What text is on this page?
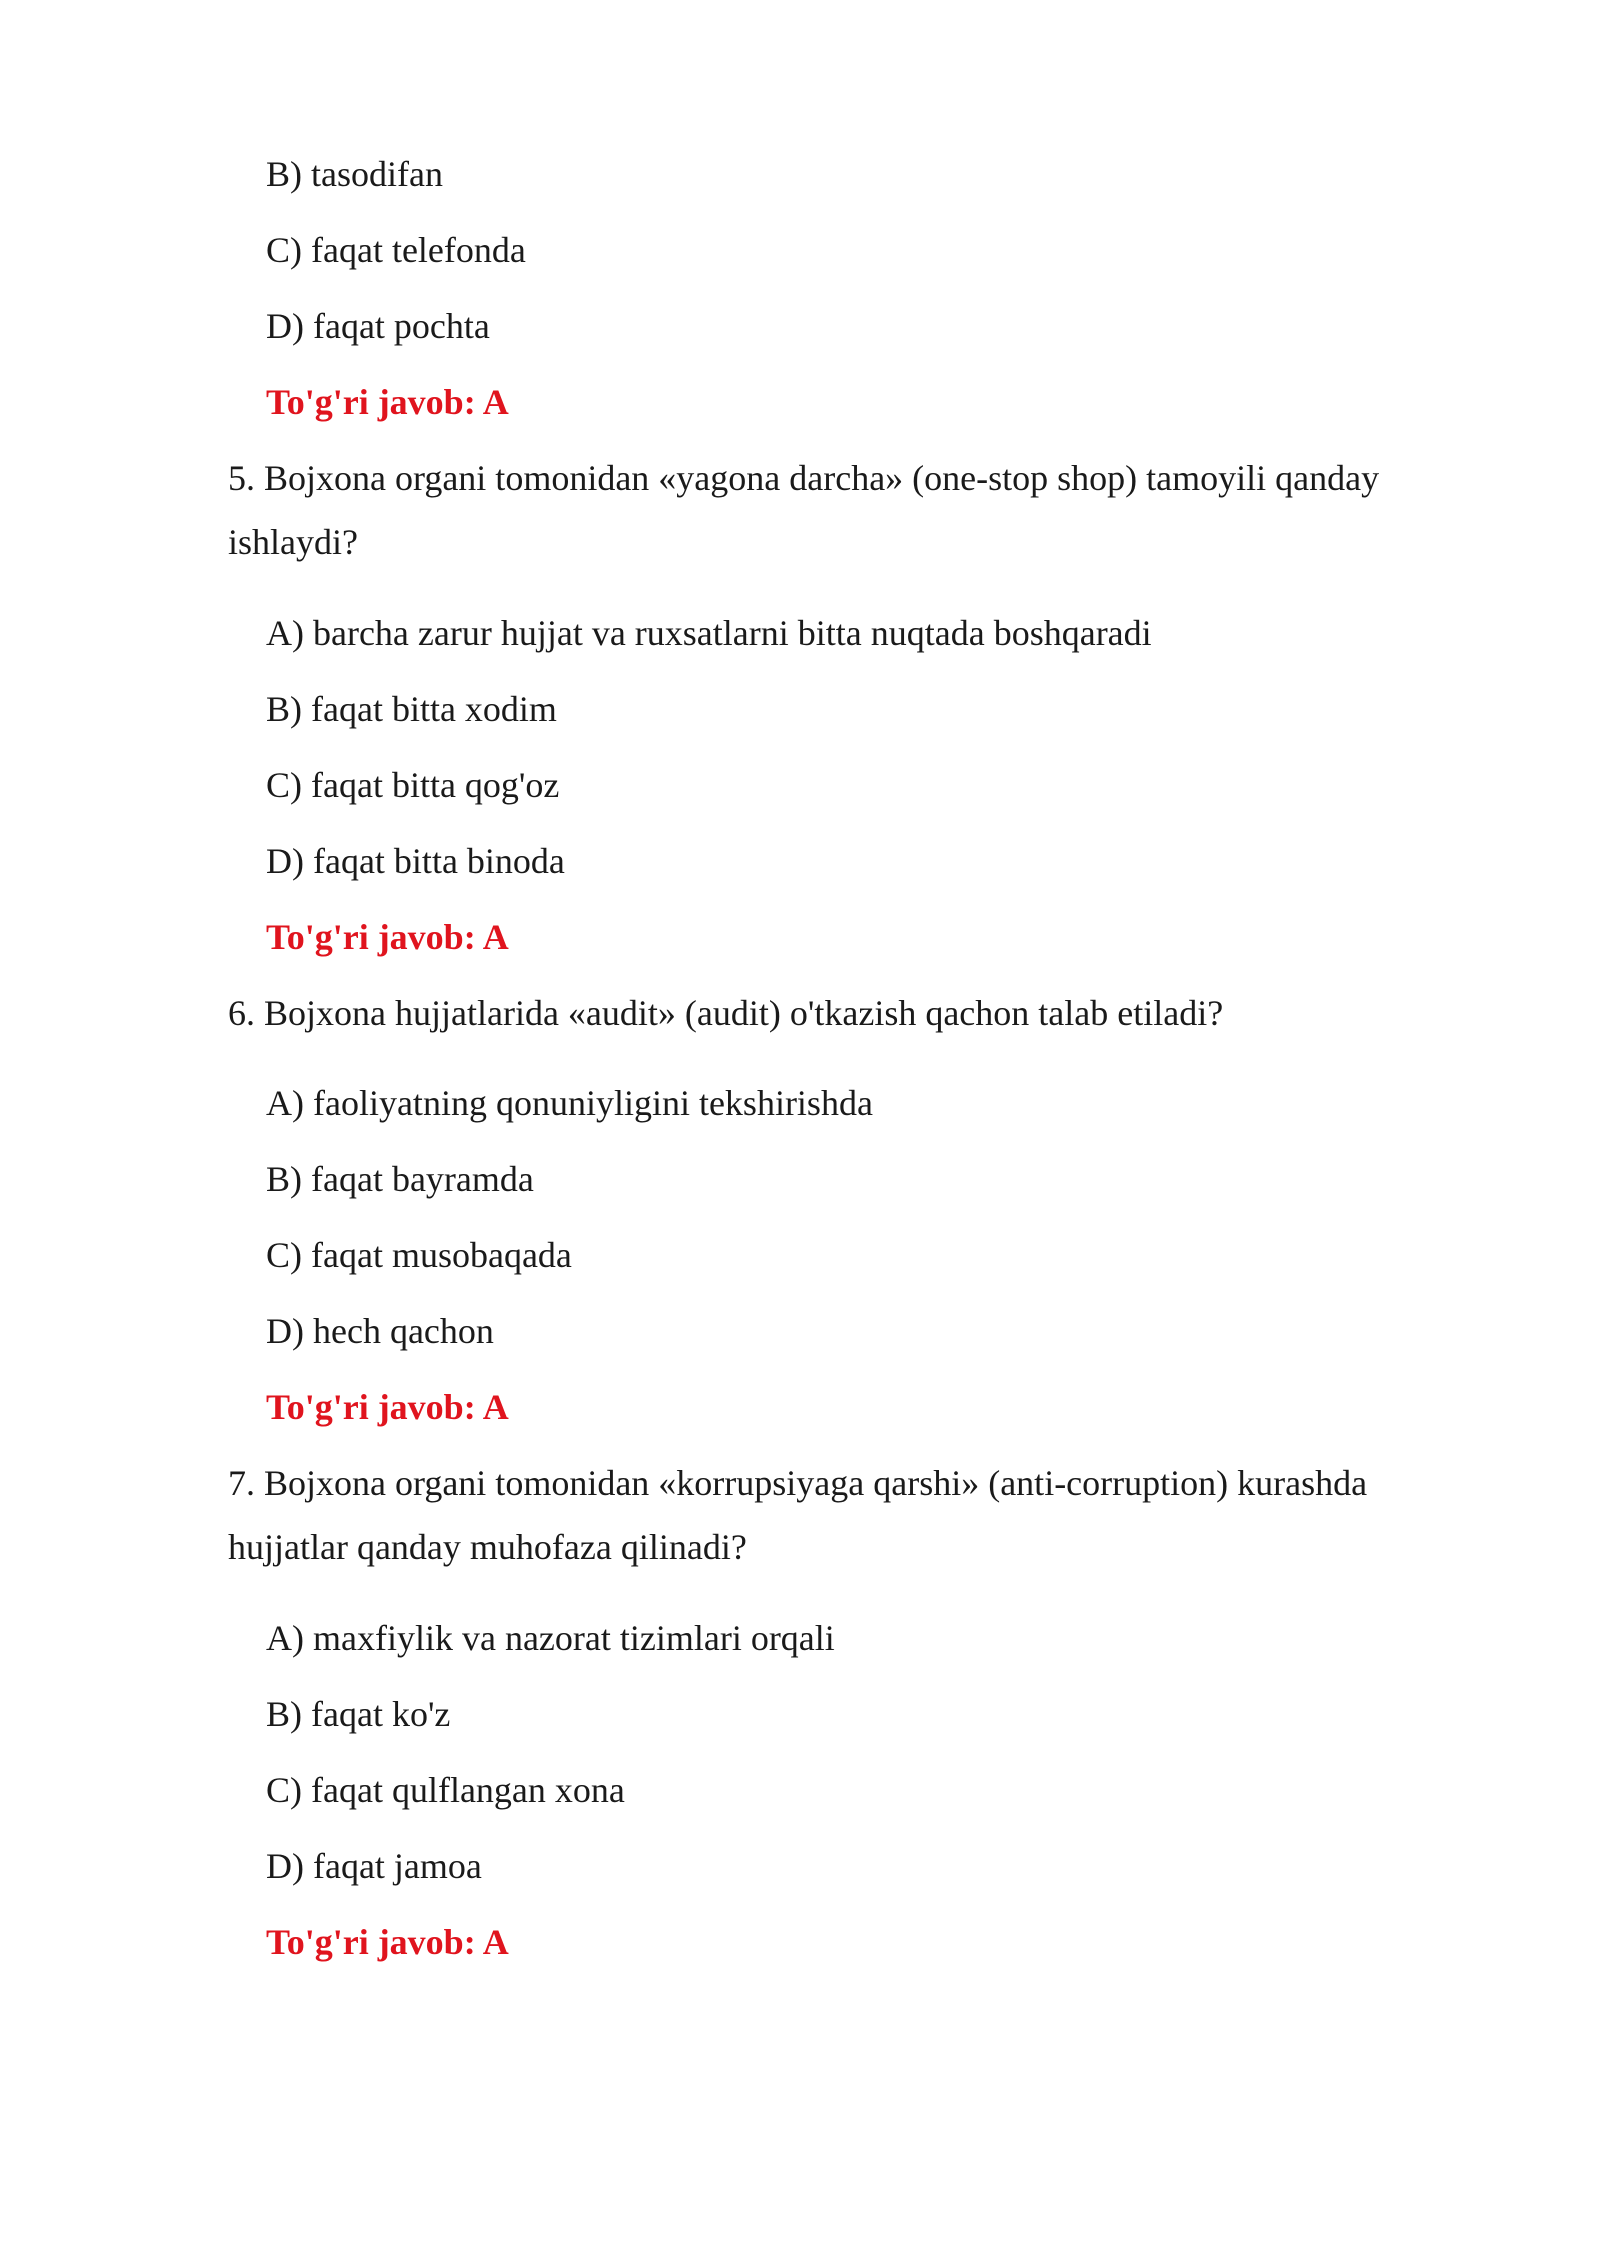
B) tasodifan
C) faqat telefonda
D) faqat pochta
To'g'ri javob: A
5. Bojxona organi tomonidan «yagona darcha» (one-stop shop) tamoyili qanday
ishlaydi?
A) barcha zarur hujjat va ruxsatlarni bitta nuqtada boshqaradi
B) faqat bitta xodim
C) faqat bitta qog'oz
D) faqat bitta binoda
To'g'ri javob: A
6. Bojxona hujjatlarida «audit» (audit) o'tkazish qachon talab etiladi?
A) faoliyatning qonuniyligini tekshirishda
B) faqat bayramda
C) faqat musobaqada
D) hech qachon
To'g'ri javob: A
7. Bojxona organi tomonidan «korrupsiyaga qarshi» (anti-corruption) kurashda
hujjatlar qanday muhofaza qilinadi?
A) maxfiylik va nazorat tizimlari orqali
B) faqat ko'z
C) faqat qulflangan xona
D) faqat jamoa
To'g'ri javob: A
